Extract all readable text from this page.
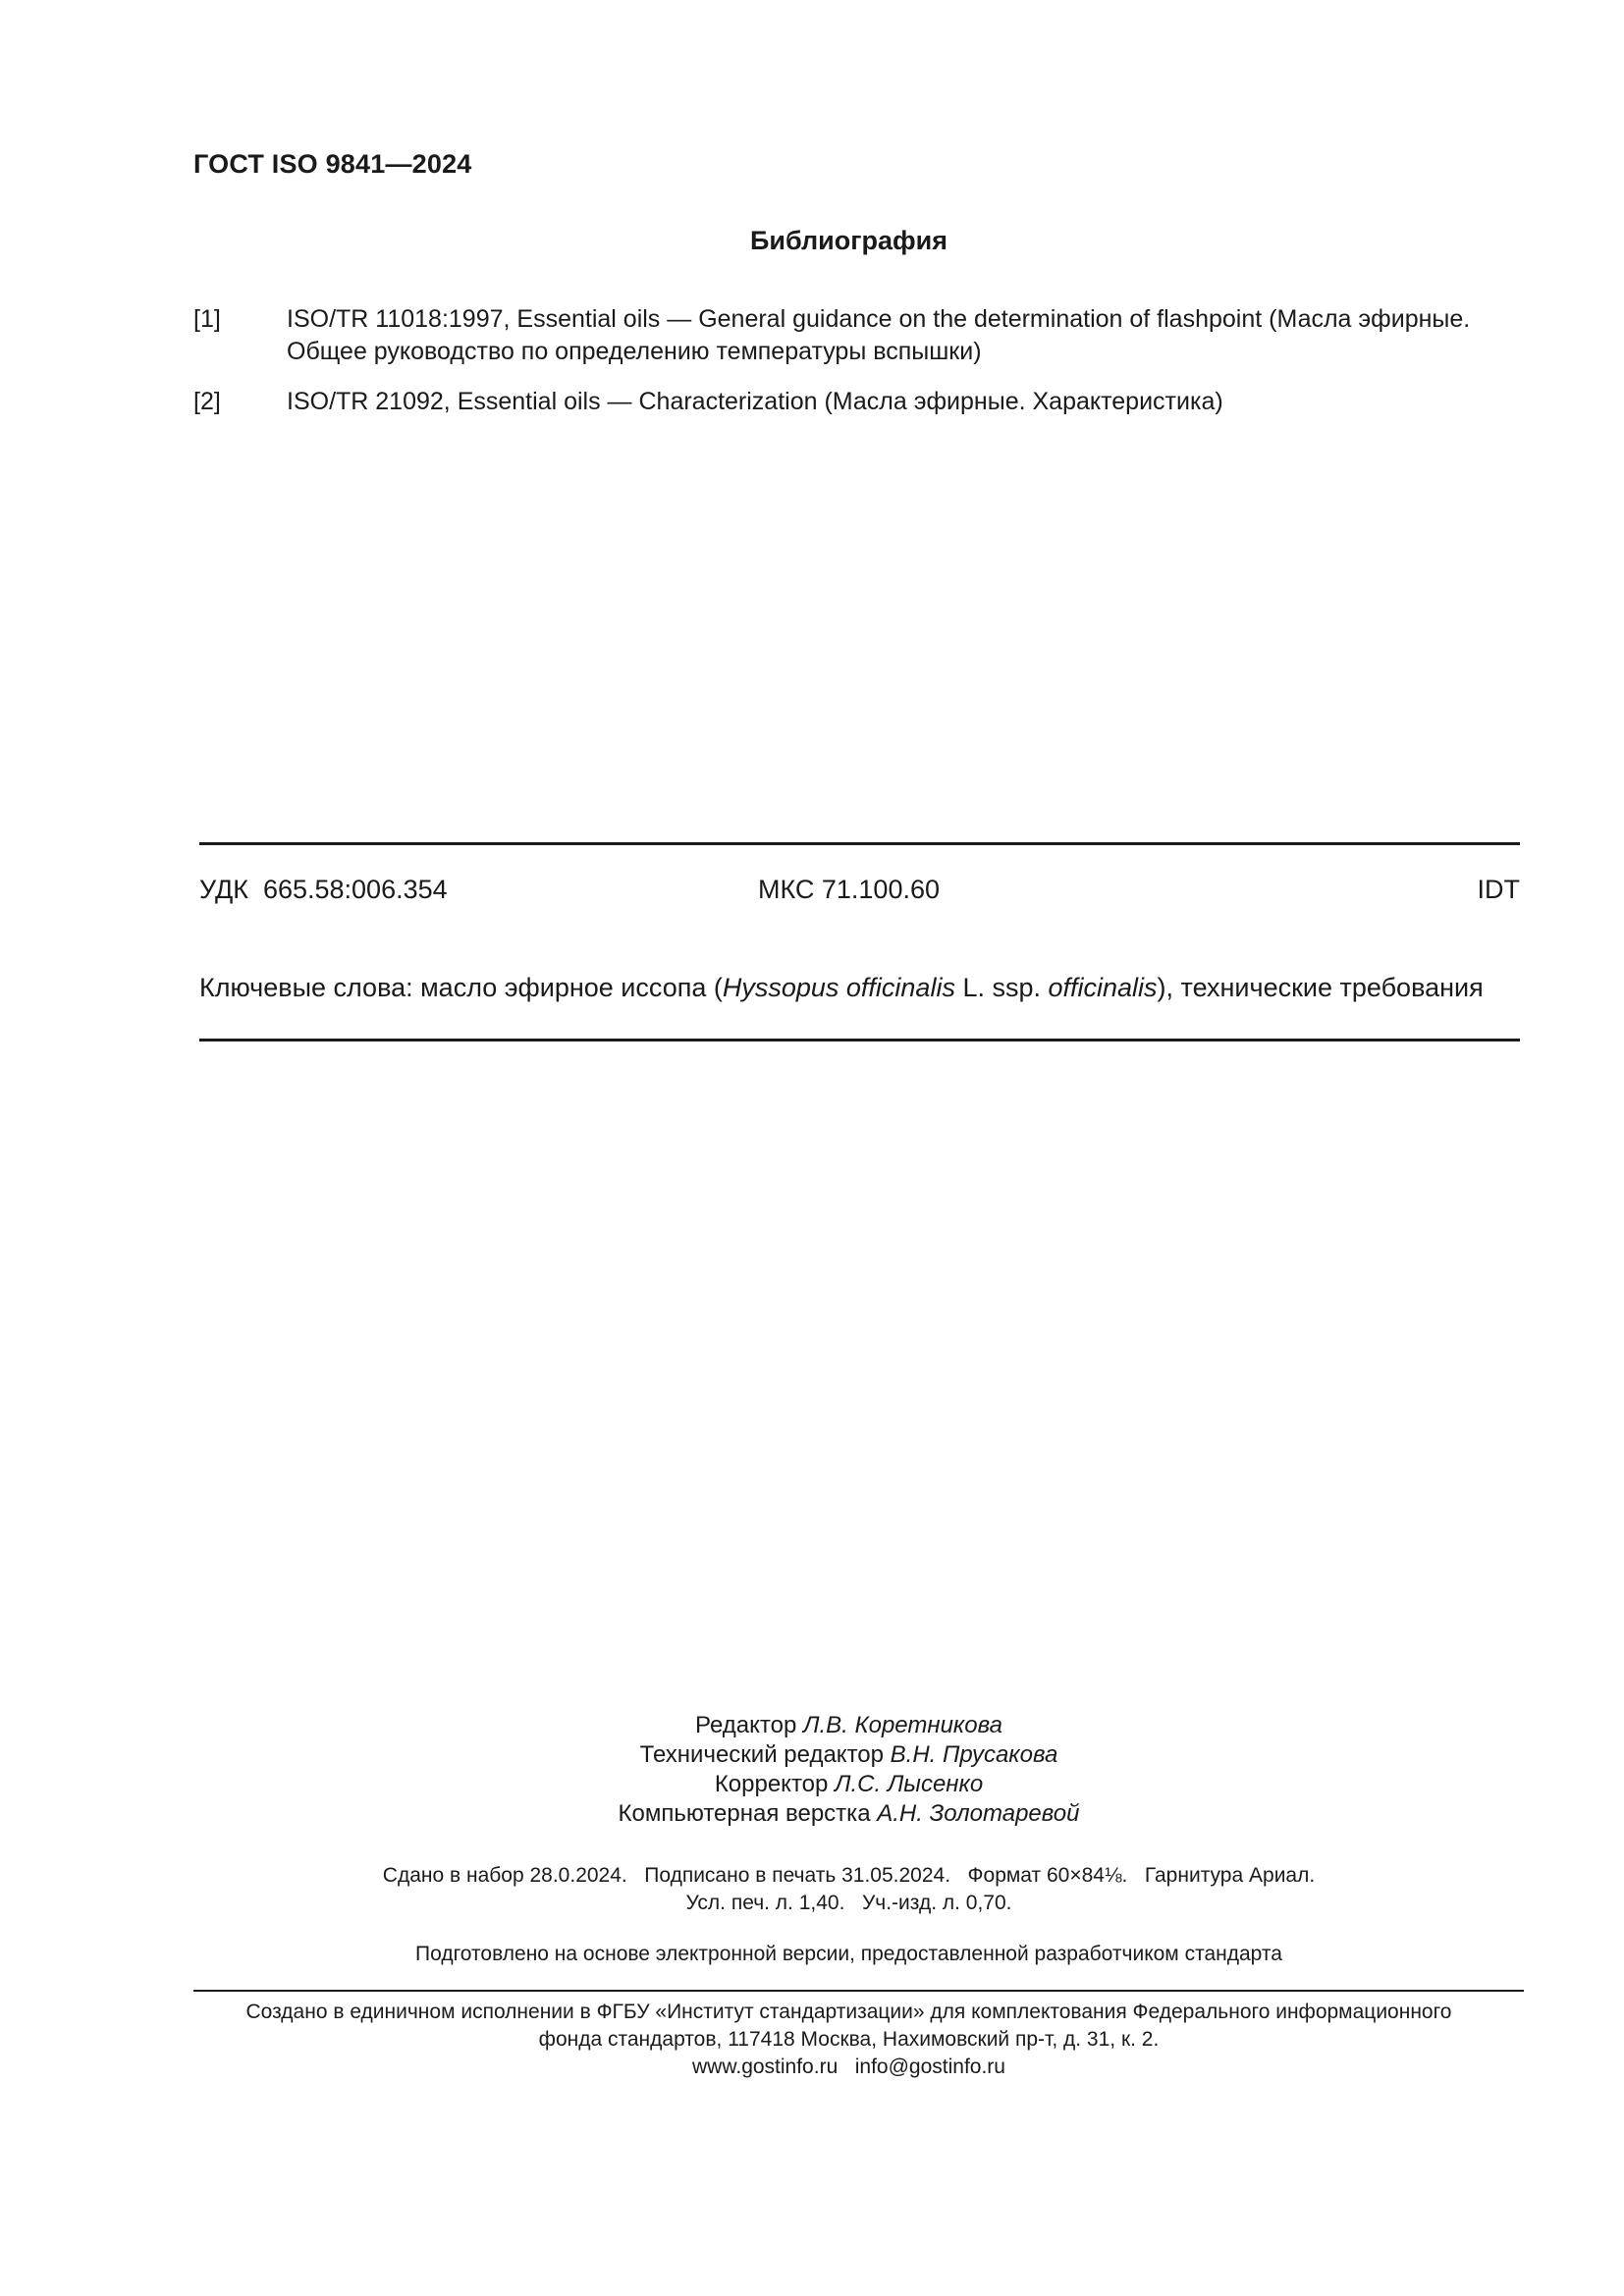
ГОСТ ISO 9841—2024
Библиография
[1]	ISO/TR 11018:1997, Essential oils — General guidance on the determination of flashpoint (Масла эфирные.
Общее руководство по определению температуры вспышки)
[2]	ISO/TR 21092, Essential oils — Characterization (Масла эфирные. Характеристика)
УДК  665.58:006.354	МКС 71.100.60	IDT
Ключевые слова: масло эфирное иссопа (Hyssopus officinalis L. ssp. officinalis), технические требования
Редактор Л.В. Коретникова
Технический редактор В.Н. Прусакова
Корректор Л.С. Лысенко
Компьютерная верстка А.Н. Золотаревой
Сдано в набор 28.0.2024.   Подписано в печать 31.05.2024.   Формат 60×84⅛.   Гарнитура Ариал.
Усл. печ. л. 1,40.   Уч.-изд. л. 0,70.
Подготовлено на основе электронной версии, предоставленной разработчиком стандарта
Создано в единичном исполнении в ФГБУ «Институт стандартизации» для комплектования Федерального информационного
фонда стандартов, 117418 Москва, Нахимовский пр-т, д. 31, к. 2.
www.gostinfo.ru   info@gostinfo.ru
